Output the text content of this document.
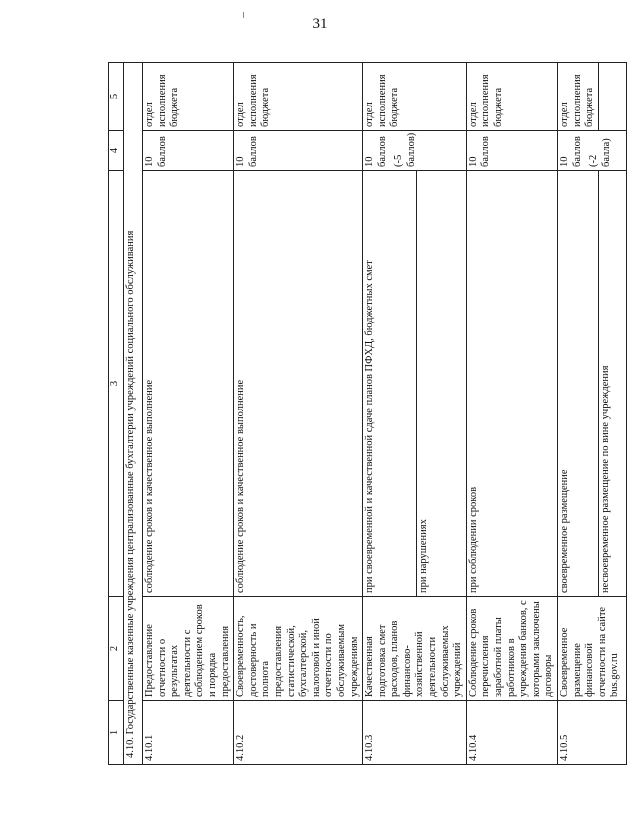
31
1	2	3	4	5
4.10. Государственные казенные учреждения централизованные бухгалтерии учреждений социального обслуживания				
4.10.1	Предоставление отчетности о результатах деятельности с соблюдением сроков и порядка предоставления	соблюдение сроков и качественное выполнение	10 баллов	отдел исполнения бюджета
4.10.2	Своевременность, достоверность и полнота предоставления статистической, бухгалтерской, налоговой и иной отчетности по обслуживаемым учреждениям	соблюдение сроков и качественное выполнение	10 баллов	отдел исполнения бюджета
4.10.3	Качественная подготовка смет расходов, планов финансово-хозяйственной деятельности обслуживаемых учреждений	при своевременной и качественной сдаче планов ПФХД, бюджетных смет	10 баллов (-5 баллов)	отдел исполнения бюджета
		при нарушениях		
4.10.4	Соблюдение сроков перечисления заработной платы работников в учреждения банков, с которыми заключены договоры	при соблюдении сроков	10 баллов	отдел исполнения бюджета
4.10.5	Своевременное размещение финансовой отчетности на сайте bus.gov.ru	своевременное размещение	10 баллов (-2 балла)	отдел исполнения бюджета
		несвоевременное размещение по вине учреждения		
